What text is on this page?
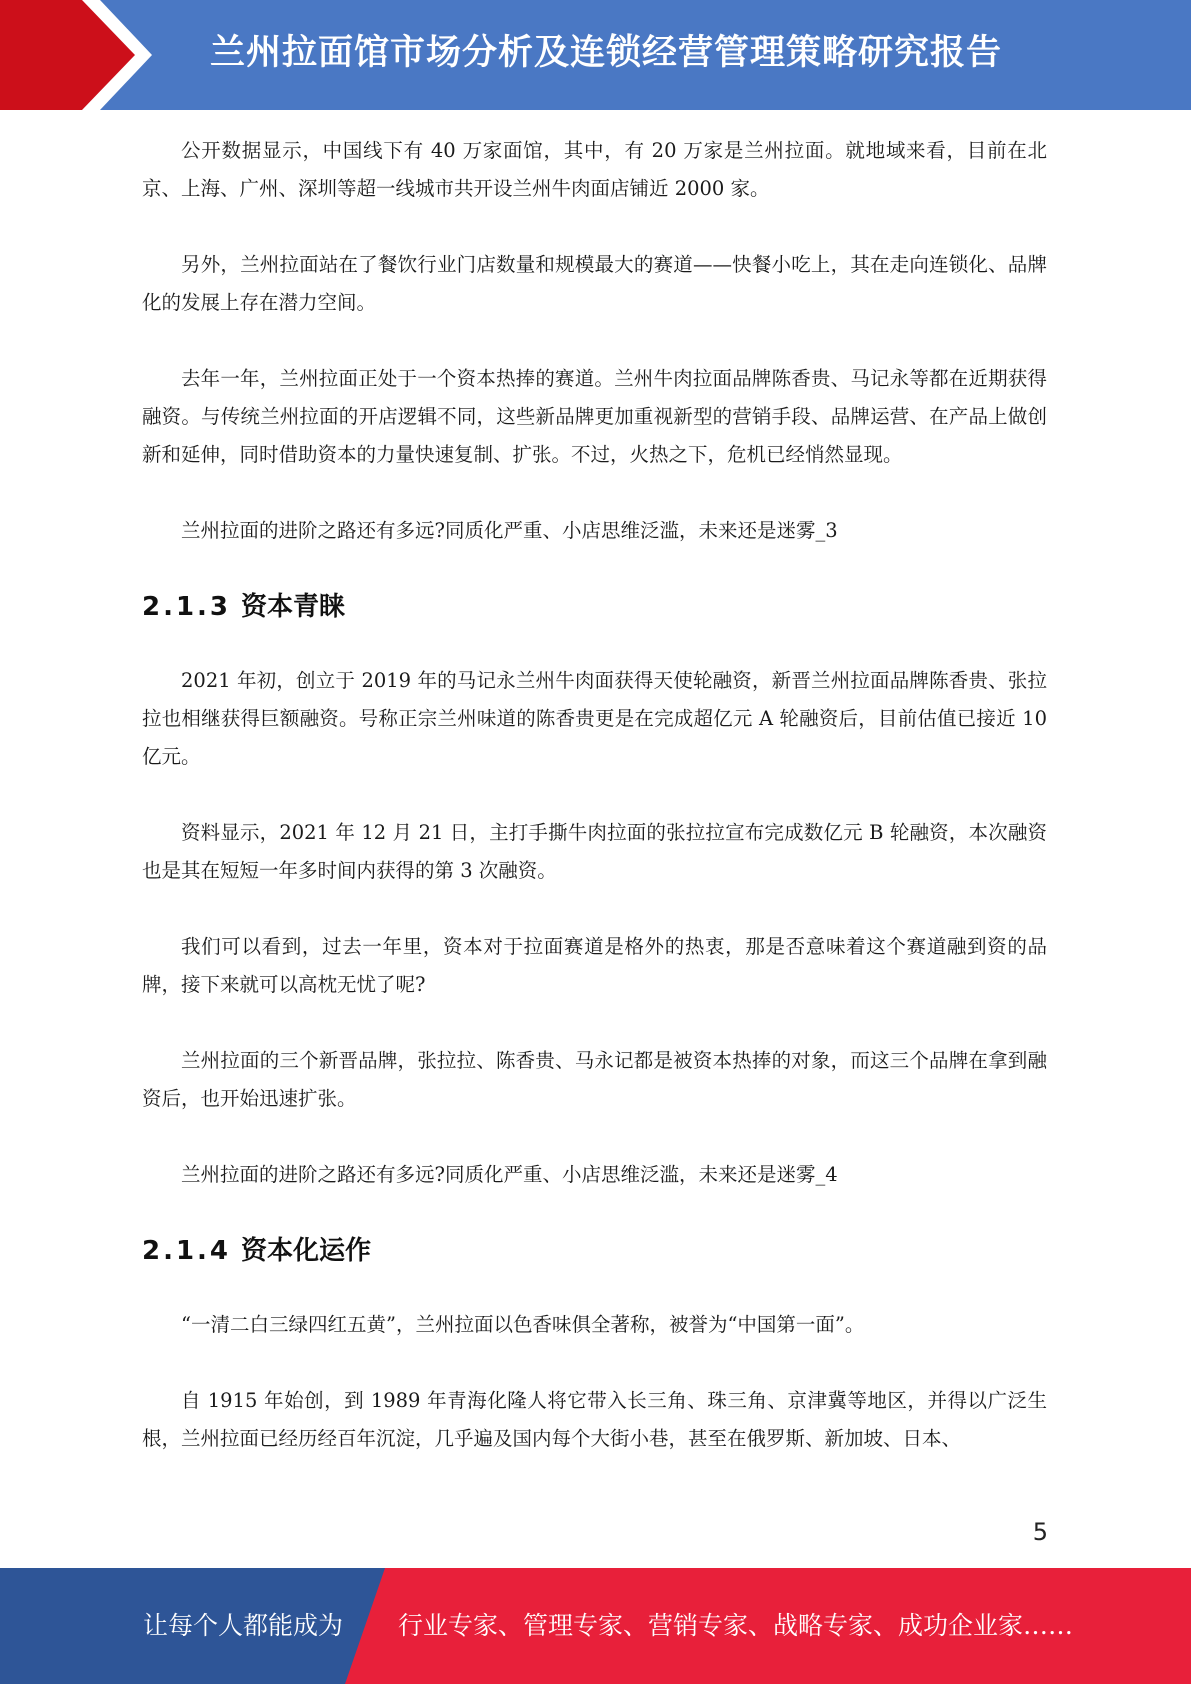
兰州拉面馆市场分析及连锁经营管理策略研究报告

公开数据显示，中国线下有 40 万家面馆，其中，有 20 万家是兰州拉面。就地域来看，目前在北京、上海、广州、深圳等超一线城市共开设兰州牛肉面店铺近 2000 家。

另外，兰州拉面站在了餐饮行业门店数量和规模最大的赛道——快餐小吃上，其在走向连锁化、品牌化的发展上存在潜力空间。

去年一年，兰州拉面正处于一个资本热捧的赛道。兰州牛肉拉面品牌陈香贵、马记永等都在近期获得融资。与传统兰州拉面的开店逻辑不同，这些新品牌更加重视新型的营销手段、品牌运营、在产品上做创新和延伸，同时借助资本的力量快速复制、扩张。不过，火热之下，危机已经悄然显现。

兰州拉面的进阶之路还有多远?同质化严重、小店思维泛滥，未来还是迷雾_3

2.1.3 资本青睐

2021 年初，创立于 2019 年的马记永兰州牛肉面获得天使轮融资，新晋兰州拉面品牌陈香贵、张拉拉也相继获得巨额融资。号称正宗兰州味道的陈香贵更是在完成超亿元 A 轮融资后，目前估值已接近 10 亿元。

资料显示，2021 年 12 月 21 日，主打手撕牛肉拉面的张拉拉宣布完成数亿元 B 轮融资，本次融资也是其在短短一年多时间内获得的第 3 次融资。

我们可以看到，过去一年里，资本对于拉面赛道是格外的热衷，那是否意味着这个赛道融到资的品牌，接下来就可以高枕无忧了呢?

兰州拉面的三个新晋品牌，张拉拉、陈香贵、马永记都是被资本热捧的对象，而这三个品牌在拿到融资后，也开始迅速扩张。

兰州拉面的进阶之路还有多远?同质化严重、小店思维泛滥，未来还是迷雾_4

2.1.4 资本化运作

“一清二白三绿四红五黄”，兰州拉面以色香味俱全著称，被誉为“中国第一面”。

自 1915 年始创，到 1989 年青海化隆人将它带入长三角、珠三角、京津冀等地区，并得以广泛生根，兰州拉面已经历经百年沉淀，几乎遍及国内每个大街小巷，甚至在俄罗斯、新加坡、日本、

5
让每个人都能成为 行业专家、管理专家、营销专家、战略专家、成功企业家……
